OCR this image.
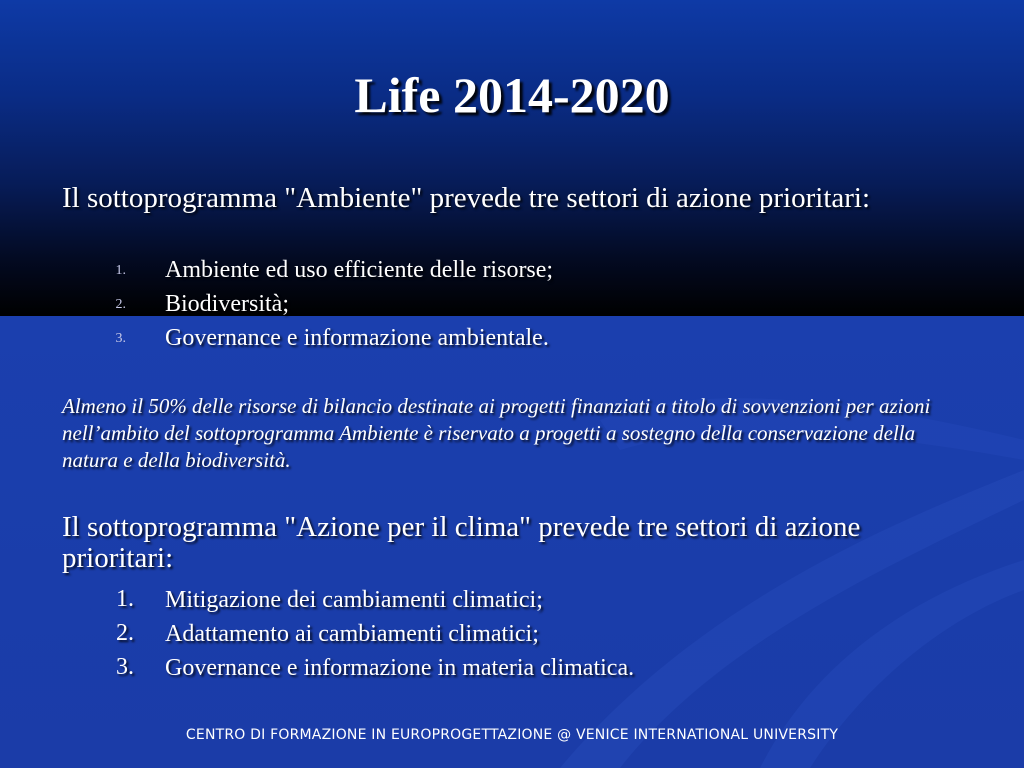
Life 2014-2020
Il sottoprogramma "Ambiente" prevede tre settori di azione prioritari:
1. Ambiente ed uso efficiente delle risorse;
2. Biodiversità;
3. Governance e informazione ambientale.
Almeno il 50% delle risorse di bilancio destinate ai progetti finanziati a titolo di sovvenzioni per azioni nell’ambito del sottoprogramma Ambiente è riservato a progetti a sostegno della conservazione della natura e della biodiversità.
Il sottoprogramma "Azione per il clima" prevede tre settori di azione prioritari:
1. Mitigazione dei cambiamenti climatici;
2. Adattamento ai cambiamenti climatici;
3. Governance e informazione in materia climatica.
CENTRO DI FORMAZIONE IN EUROPROGETTAZIONE @ VENICE INTERNATIONAL UNIVERSITY
